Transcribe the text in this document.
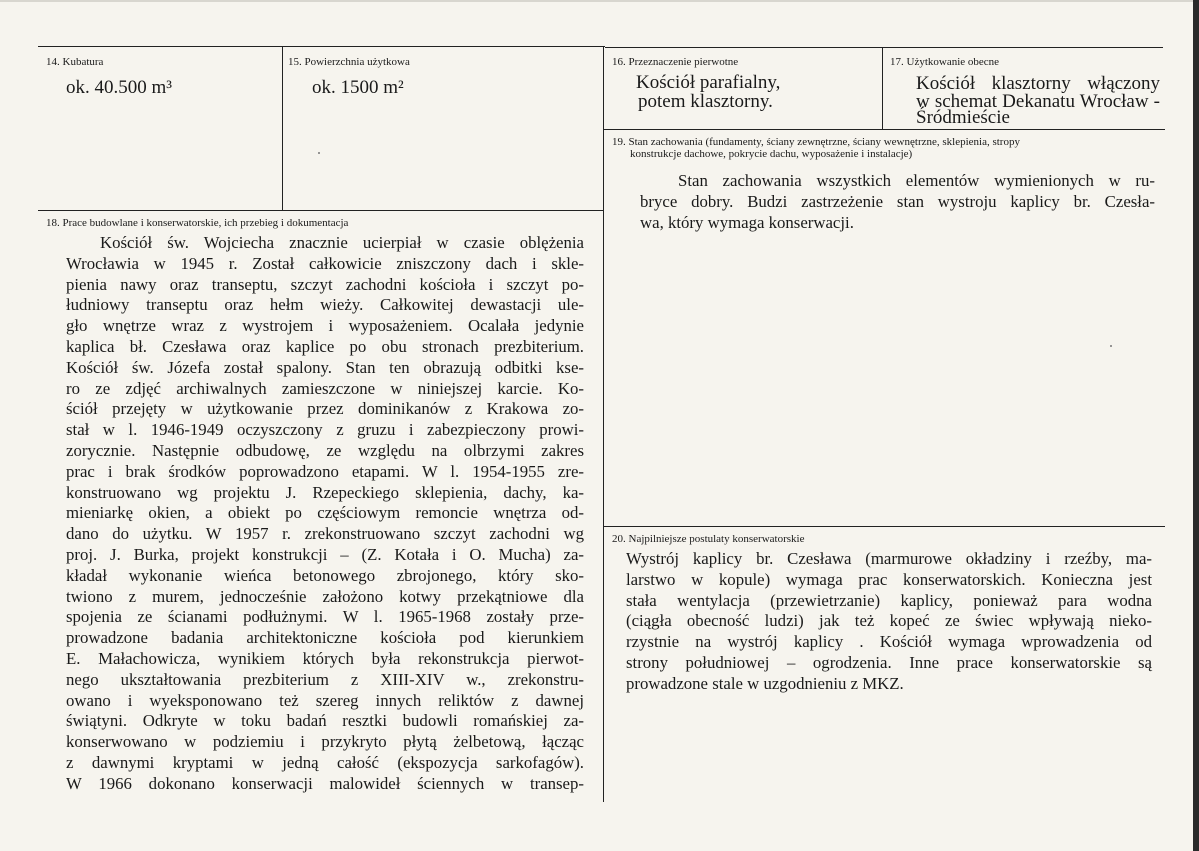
14. Kubatura
ok. 40.500 m³
15. Powierzchnia użytkowa
ok. 1500 m²
16. Przeznaczenie pierwotne
Kościół parafialny,
potem klasztorny.
17. Użytkowanie obecne
Kościół klasztorny włączony
w schemat Dekanatu Wrocław -
Śródmieście
19. Stan zachowania (fundamenty, ściany zewnętrzne, ściany wewnętrzne, sklepienia, stropy
konstrukcje dachowe, pokrycie dachu, wyposażenie i instalacje)
Stan zachowania wszystkich elementów wymienionych w ru-
bryce dobry. Budzi zastrzeżenie stan wystroju kaplicy br. Czesła-
wa, który wymaga konserwacji.
18. Prace budowlane i konserwatorskie, ich przebieg i dokumentacja
Kościół św. Wojciecha znacznie ucierpiał w czasie oblężenia
Wrocławia w 1945 r. Został całkowicie zniszczony dach i skle-
pienia nawy oraz transeptu, szczyt zachodni kościoła i szczyt po-
łudniowy transeptu oraz hełm wieży. Całkowitej dewastacji ule-
gło wnętrze wraz z wystrojem i wyposażeniem. Ocalała jedynie
kaplica bł. Czesława oraz kaplice po obu stronach prezbiterium.
Kościół św. Józefa został spalony. Stan ten obrazują odbitki kse-
ro ze zdjęć archiwalnych zamieszczone w niniejszej karcie. Ko-
ściół przejęty w użytkowanie przez dominikanów z Krakowa zo-
stał w l. 1946-1949 oczyszczony z gruzu i zabezpieczony prowi-
zorycznie. Następnie odbudowę, ze względu na olbrzymi zakres
prac i brak środków poprowadzono etapami. W l. 1954-1955 zre-
konstruowano wg projektu J. Rzepeckiego sklepienia, dachy, ka-
mieniarkę okien, a obiekt po częściowym remoncie wnętrza od-
dano do użytku. W 1957 r. zrekonstruowano szczyt zachodni wg
proj. J. Burka, projekt konstrukcji – (Z. Kotała i O. Mucha) za-
kładał wykonanie wieńca betonowego zbrojonego, który sko-
twiono z murem, jednocześnie założono kotwy przekątniowe dla
spojenia ze ścianami podłużnymi. W l. 1965-1968 zostały prze-
prowadzone badania architektoniczne kościoła pod kierunkiem
E. Małachowicza, wynikiem których była rekonstrukcja pierwot-
nego ukształtowania prezbiterium z XIII-XIV w., zrekonstru-
owano i wyeksponowano też szereg innych reliktów z dawnej
świątyni. Odkryte w toku badań resztki budowli romańskiej za-
konserwowano w podziemiu i przykryto płytą żelbetową, łącząc
z dawnymi kryptami w jedną całość (ekspozycja sarkofagów).
W 1966 dokonano konserwacji malowideł ściennych w transep-
20. Najpilniejsze postulaty konserwatorskie
Wystrój kaplicy br. Czesława (marmurowe okładziny i rzeźby, ma-
larstwo w kopule) wymaga prac konserwatorskich. Konieczna jest
stała wentylacja (przewietrzanie) kaplicy, ponieważ para wodna
(ciągła obecność ludzi) jak też kopeć ze świec wpływają nieko-
rzystnie na wystrój kaplicy . Kościół wymaga wprowadzenia od
strony południowej – ogrodzenia. Inne prace konserwatorskie są
prowadzone stale w uzgodnieniu z MKZ.
